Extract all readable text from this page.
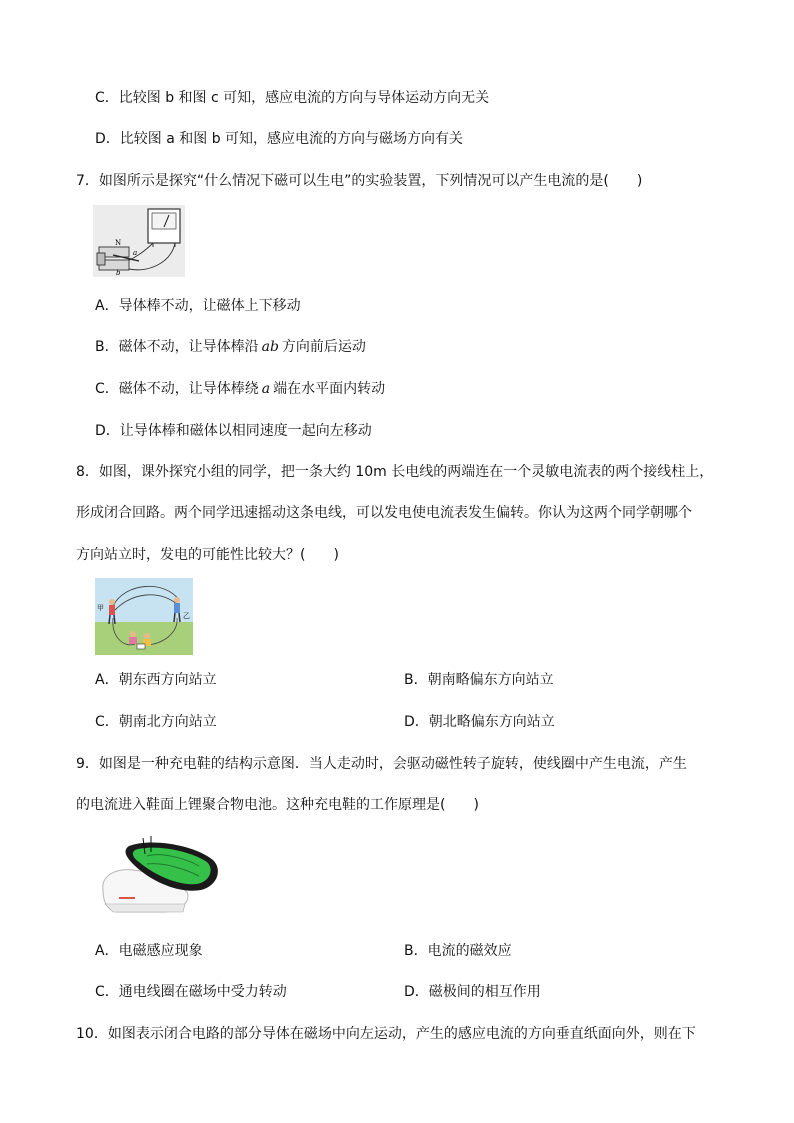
C．比较图 b 和图 c 可知，感应电流的方向与导体运动方向无关
D．比较图 a 和图 b 可知，感应电流的方向与磁场方向有关
7．如图所示是探究“什么情况下磁可以生电”的实验装置，下列情况可以产生电流的是(　　)
N
a
b
A．导体棒不动，让磁体上下移动
B．磁体不动，让导体棒沿 ab 方向前后运动
C．磁体不动，让导体棒绕 a 端在水平面内转动
D．让导体棒和磁体以相同速度一起向左移动
8．如图，课外探究小组的同学，把一条大约 10m 长电线的两端连在一个灵敏电流表的两个接线柱上，
形成闭合回路。两个同学迅速摇动这条电线，可以发电使电流表发生偏转。你认为这两个同学朝哪个
方向站立时，发电的可能性比较大？(　　)
甲
乙
A．朝东西方向站立	B．朝南略偏东方向站立
C．朝南北方向站立	D．朝北略偏东方向站立
9．如图是一种充电鞋的结构示意图．当人走动时，会驱动磁性转子旋转，使线圈中产生电流，产生
的电流进入鞋面上锂聚合物电池。这种充电鞋的工作原理是(　　)
A．电磁感应现象	B．电流的磁效应
C．通电线圈在磁场中受力转动	D．磁极间的相互作用
10．如图表示闭合电路的部分导体在磁场中向左运动，产生的感应电流的方向垂直纸面向外，则在下
